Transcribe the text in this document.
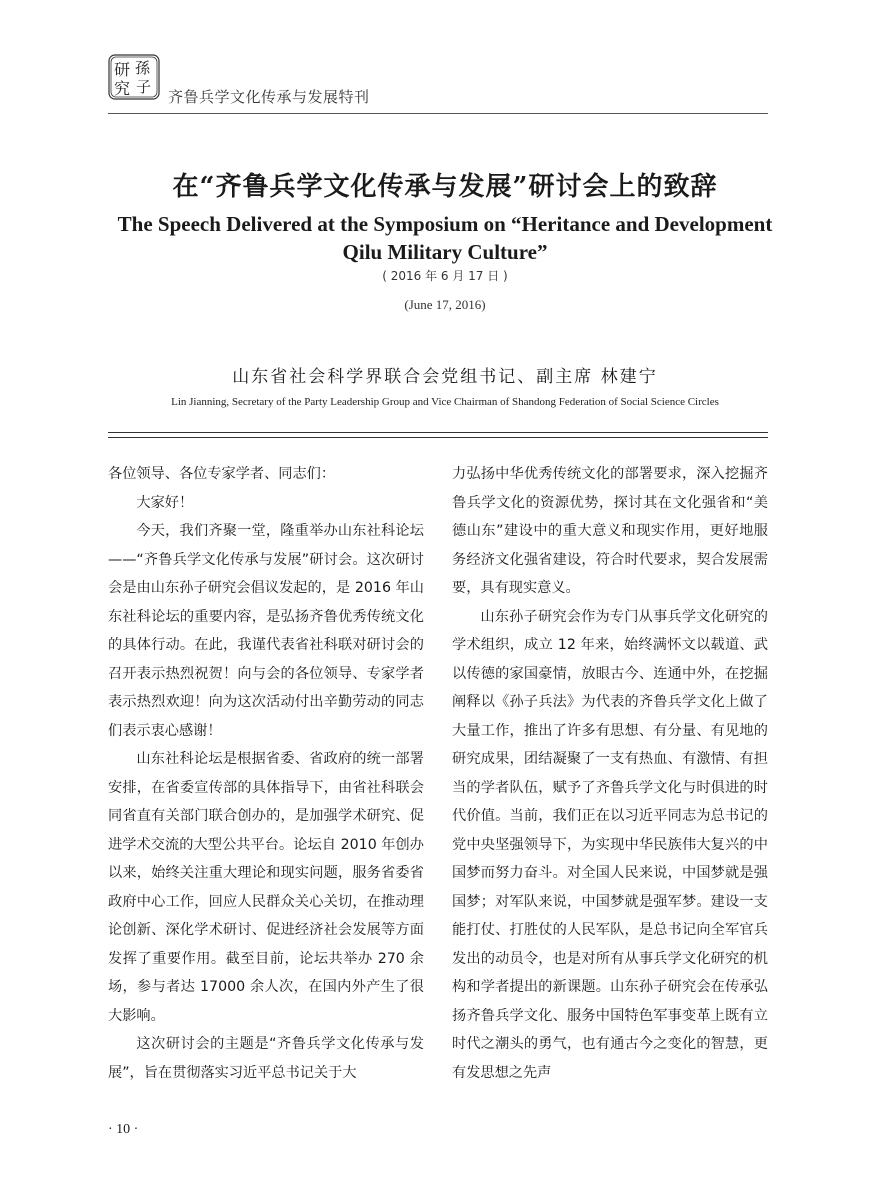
研
究
孫
子
齐鲁兵学文化传承与发展特刊
在“齐鲁兵学文化传承与发展”研讨会上的致辞
The Speech Delivered at the Symposium on “Heritance and Development
Qilu Military Culture”
( 2016 年 6 月 17 日 )
(June 17, 2016)
山东省社会科学界联合会党组书记、副主席 林建宁
Lin Jianning, Secretary of the Party Leadership Group and Vice Chairman of Shandong Federation of Social Science Circles

各位领导、各位专家学者、同志们：

大家好！

今天，我们齐聚一堂，隆重举办山东社科论坛——“齐鲁兵学文化传承与发展”研讨会。这次研讨会是由山东孙子研究会倡议发起的，是 2016 年山东社科论坛的重要内容，是弘扬齐鲁优秀传统文化的具体行动。在此，我谨代表省社科联对研讨会的召开表示热烈祝贺！向与会的各位领导、专家学者表示热烈欢迎！向为这次活动付出辛勤劳动的同志们表示衷心感谢！

山东社科论坛是根据省委、省政府的统一部署安排，在省委宣传部的具体指导下，由省社科联会同省直有关部门联合创办的，是加强学术研究、促进学术交流的大型公共平台。论坛自 2010 年创办以来，始终关注重大理论和现实问题，服务省委省政府中心工作，回应人民群众关心关切，在推动理论创新、深化学术研讨、促进经济社会发展等方面发挥了重要作用。截至目前，论坛共举办 270 余场，参与者达 17000 余人次，在国内外产生了很大影响。

这次研讨会的主题是“齐鲁兵学文化传承与发展”，旨在贯彻落实习近平总书记关于大

力弘扬中华优秀传统文化的部署要求，深入挖掘齐鲁兵学文化的资源优势，探讨其在文化强省和“美德山东”建设中的重大意义和现实作用，更好地服务经济文化强省建设，符合时代要求，契合发展需要，具有现实意义。

山东孙子研究会作为专门从事兵学文化研究的学术组织，成立 12 年来，始终满怀文以载道、武以传德的家国豪情，放眼古今、连通中外，在挖掘阐释以《孙子兵法》为代表的齐鲁兵学文化上做了大量工作，推出了许多有思想、有分量、有见地的研究成果，团结凝聚了一支有热血、有激情、有担当的学者队伍，赋予了齐鲁兵学文化与时俱进的时代价值。当前，我们正在以习近平同志为总书记的党中央坚强领导下，为实现中华民族伟大复兴的中国梦而努力奋斗。对全国人民来说，中国梦就是强国梦；对军队来说，中国梦就是强军梦。建设一支能打仗、打胜仗的人民军队，是总书记向全军官兵发出的动员令，也是对所有从事兵学文化研究的机构和学者提出的新课题。山东孙子研究会在传承弘扬齐鲁兵学文化、服务中国特色军事变革上既有立时代之潮头的勇气，也有通古今之变化的智慧，更有发思想之先声

· 10 ·
